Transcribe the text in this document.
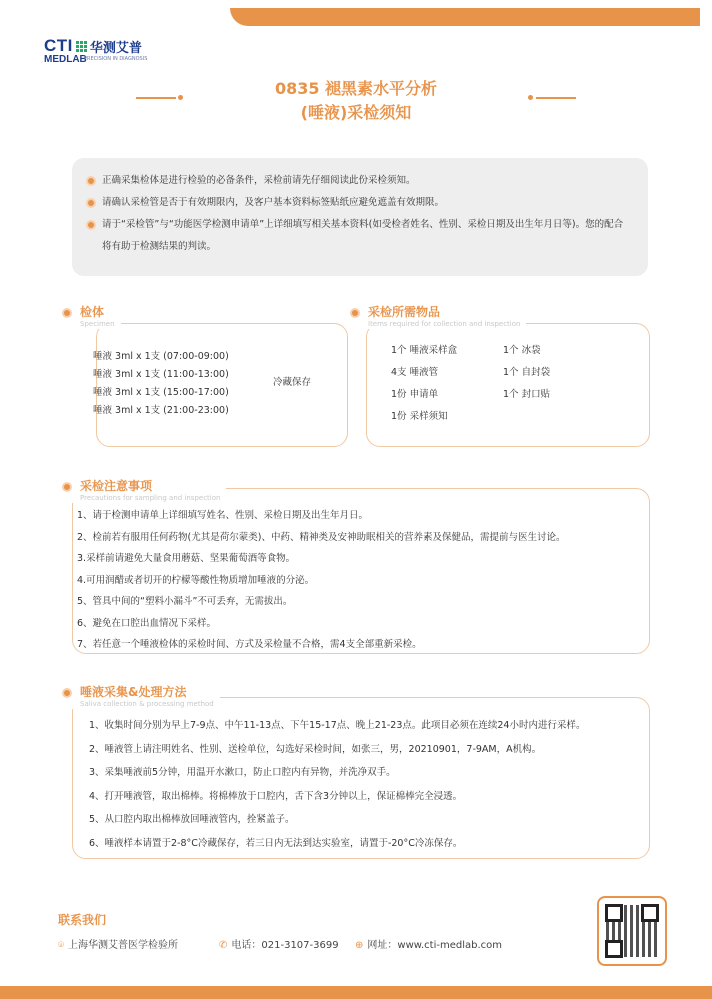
CTI 华测艾普
MEDLAB
PRECISION IN DIAGNOSIS
0835 褪黑素水平分析
(唾液)采检须知
正确采集检体是进行检验的必备条件，采检前请先仔细阅读此份采检须知。
请确认采检管是否于有效期限内，及客户基本资料标签贴纸应避免遮盖有效期限。
请于“采检管”与“功能医学检测申请单”上详细填写相关基本资料(如受检者姓名、性别、采检日期及出生年月日等)。您的配合将有助于检测结果的判读。
唾液 3ml x 1支 (07:00-09:00)
唾液 3ml x 1支 (11:00-13:00)
唾液 3ml x 1支 (15:00-17:00)
唾液 3ml x 1支 (21:00-23:00)
冷藏保存
检体
Specimen
1个 唾液采样盒
4支 唾液管
1份 申请单
1份 采样须知
1个 冰袋
1个 自封袋
1个 封口贴
采检所需物品
Items required for collection and inspection
1、请于检测申请单上详细填写姓名、性别、采检日期及出生年月日。
2、检前若有服用任何药物(尤其是荷尔蒙类)、中药、精神类及安神助眠相关的营养素及保健品，需提前与医生讨论。
3.采样前请避免大量食用蘑菇、坚果葡萄酒等食物。
4.可用润醋或者切开的柠檬等酸性物质增加唾液的分泌。
5、管具中间的“塑料小漏斗”不可丢弃，无需拔出。
6、避免在口腔出血情况下采样。
7、若任意一个唾液检体的采检时间、方式及采检量不合格，需4支全部重新采检。
采检注意事项
Precautions for sampling and inspection
1、收集时间分别为早上7-9点、中午11-13点、下午15-17点、晚上21-23点。此项目必须在连续24小时内进行采样。
2、唾液管上请注明姓名、性别、送检单位，勾选好采检时间，如张三，男，20210901，7-9AM，A机构。
3、采集唾液前5分钟，用温开水漱口，防止口腔内有异物，并洗净双手。
4、打开唾液管，取出棉棒。将棉棒放于口腔内，舌下含3分钟以上，保证棉棒完全浸透。
5、从口腔内取出棉棒放回唾液管内，拴紧盖子。
6、唾液样本请置于2-8°C冷藏保存，若三日内无法到达实验室，请置于-20°C冷冻保存。
唾液采集&处理方法
Saliva collection & processing method
联系我们
⌾ 上海华测艾普医学检验所	✆ 电话：021-3107-3699 ⊕ 网址：www.cti-medlab.com
